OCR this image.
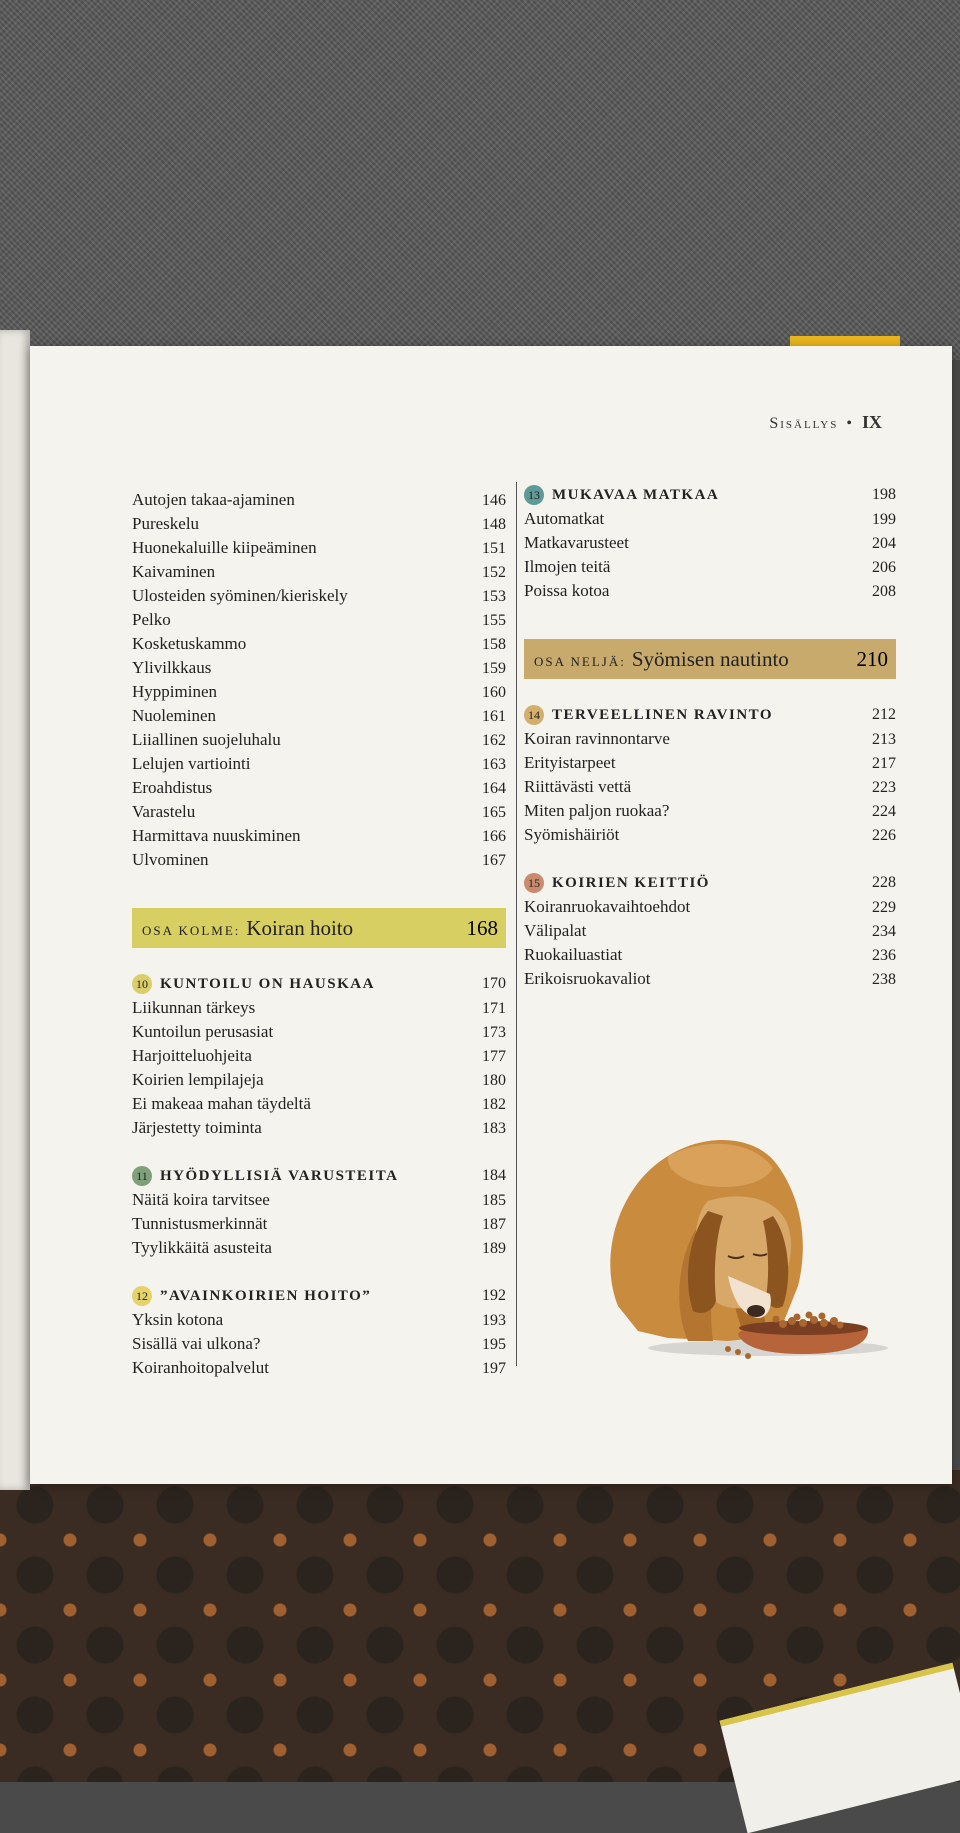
Sisällys • IX
Autojen takaa-ajaminen	146
Pureskelu	148
Huonekaluille kiipeäminen	151
Kaivaminen	152
Ulosteiden syöminen/kieriskely	153
Pelko	155
Kosketuskammo	158
Ylivilkkaus	159
Hyppiminen	160
Nuoleminen	161
Liiallinen suojeluhalu	162
Lelujen vartiointi	163
Eroahdistus	164
Varastelu	165
Harmittava nuuskiminen	166
Ulvominen	167
OSA KOLME: Koiran hoito	168
10 KUNTOILU ON HAUSKAA	170
Liikunnan tärkeys	171
Kuntoilun perusasiat	173
Harjoitteluohjeita	177
Koirien lempilajeja	180
Ei makeaa mahan täydeltä	182
Järjestetty toiminta	183
11 HYÖDYLLISIÄ VARUSTEITA	184
Näitä koira tarvitsee	185
Tunnistusmerkinnät	187
Tyylikkäitä asusteita	189
12 ”AVAINKOIRIEN HOITO”	192
Yksin kotona	193
Sisällä vai ulkona?	195
Koiranhoitopalvelut	197
13 MUKAVAA MATKAA	198
Automatkat	199
Matkavarusteet	204
Ilmojen teitä	206
Poissa kotoa	208
OSA NELJÄ: Syömisen nautinto	210
14 TERVEELLINEN RAVINTO	212
Koiran ravinnontarve	213
Erityistarpeet	217
Riittävästi vettä	223
Miten paljon ruokaa?	224
Syömishäiriöt	226
15 KOIRIEN KEITTIÖ	228
Koiranruokavaihtoehdot	229
Välipalat	234
Ruokailuastiat	236
Erikoisruokavaliot	238
